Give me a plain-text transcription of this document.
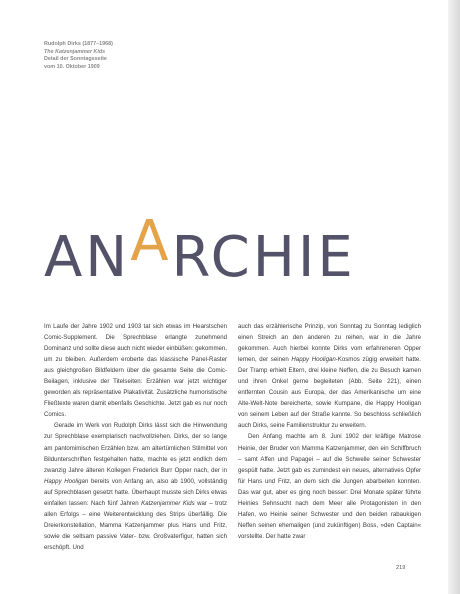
Rudolph Dirks (1877–1968)
The Katzenjammer Kids
Detail der Sonntagsseite
vom 10. Oktober 1909
ANARCHIE

Im Laufe der Jahre 1902 und 1903 tat sich etwas im Hearstschen Comic-Supplement. Die Sprechblase erlangte zunehmend Dominanz und sollte diese auch nicht wieder einbüßen: gekommen, um zu bleiben. Außerdem eroberte das klassische Panel-Raster aus gleichgroßen Bildfeldern über die gesamte Seite die Comic-Beilagen, inklusive der Titelseiten: Erzählen war jetzt wichtiger geworden als repräsentative Plakativität. Zusätzliche humoristische Fließtexte waren damit ebenfalls Geschichte. Jetzt gab es nur noch Comics.

Gerade im Werk von Rudolph Dirks lässt sich die Hinwendung zur Sprechblase exemplarisch nachvollziehen. Dirks, der so lange am pantomimischen Erzählen bzw. am altertümlichen Stilmittel von Bildunterschriften festgehalten hatte, machte es jetzt endlich dem zwanzig Jahre älteren Kollegen Frederick Burr Opper nach, der in Happy Hooligan bereits von Anfang an, also ab 1900, vollständig auf Sprechblasen gesetzt hatte. Überhaupt musste sich Dirks etwas einfallen lassen: Nach fünf Jahren Katzenjammer Kids war – trotz allen Erfolgs – eine Weiterentwicklung des Strips überfällig. Die Dreierkonstellation, Mamma Katzenjammer plus Hans und Fritz, sowie die seltsam passive Vater- bzw. Großvaterfigur, hatten sich erschöpft. Und

auch das erzählerische Prinzip, von Sonntag zu Sonntag lediglich einen Streich an den anderen zu reihen, war in die Jahre gekommen. Auch hierbei konnte Dirks vom erfahreneren Opper lernen, der seinen Happy Hooligan-Kosmos zügig erweitert hatte. Der Tramp erhielt Eltern, drei kleine Neffen, die zu Besuch kamen und ihren Onkel gerne begleiteten (Abb. Seite 221), einen entfernten Cousin aus Europa, der das Amerikanische um eine Alte-Welt-Note bereicherte, sowie Kumpane, die Happy Hooligan von seinem Leben auf der Straße kannte. So beschloss schließlich auch Dirks, seine Familienstruktur zu erweitern.

Den Anfang machte am 8. Juni 1902 der kräftige Matrose Heinie, der Bruder von Mamma Katzenjammer, den ein Schiffbruch – samt Affen und Papagei – auf die Schwelle seiner Schwester gespült hatte. Jetzt gab es zumindest ein neues, alternatives Opfer für Hans und Fritz, an dem sich die Jungen abarbeiten konnten. Das war gut, aber es ging noch besser: Drei Monate später führte Heinies Sehnsucht nach dem Meer alle Protagonisten in den Hafen, wo Heinie seiner Schwester und den beiden rabaukigen Neffen seinen ehemaligen (und zukünftigen) Boss, »den Captain« vorstellte. Der hatte zwar

219
